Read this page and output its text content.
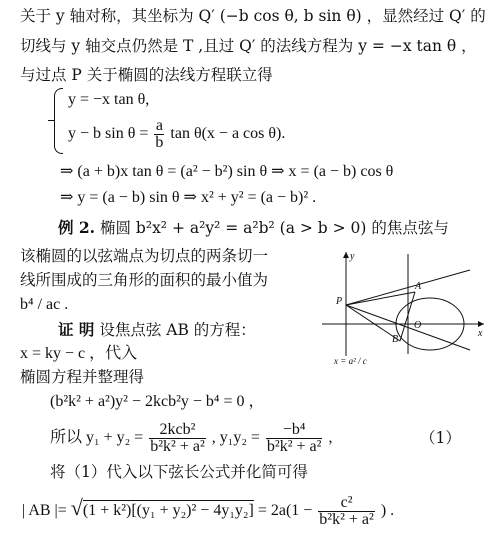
关于 y 轴对称，其坐标为 Q′ (−b cos θ, b sin θ) ，显然经过 Q′ 的
切线与 y 轴交点仍然是 T ,且过 Q′ 的法线方程为 y = −x tan θ ，
与过点 P 关于椭圆的法线方程联立得
y = −x tan θ,
y − b $\sin \theta = \frac{a}{b}$ tan θ(x − a cos θ).
⇒ (a + b)x tan θ = (a² − b²) sin θ ⇒ x = (a − b) cos θ
⇒ y = (a − b) sin θ ⇒ x² + y² = (a − b)² .
例 2. 椭圆 b²x² + a²y² = a²b² (a > b > 0) 的焦点弦与
该椭圆的以弦端点为切点的两条切一
线所围成的三角形的面积的最小值为
b⁴ / ac .
证 明 设焦点弦 AB 的方程：
x = ky − c ，代入
椭圆方程并整理得
(b²k² + a²)y² − 2kcb²y − b⁴ = 0 ，
所以 $y_1 + y_2 = \frac{\text{2kcb²}}{\text{b²k² + a²}}$ , $y_1y_2 = \frac{\text{−b⁴}}{\text{b²k² + a²}}$ ,	（1）
将（1）代入以下弦长公式并化简可得
| AB |= $√(1 + k^2)[(y_1 + y_2)^2 - 4y_1y_2] = 2a(1 - \frac{\text{c²}}{\text{b²k² + a²}}$ ) .
y
x
P
A
O
B
x = a² / c
